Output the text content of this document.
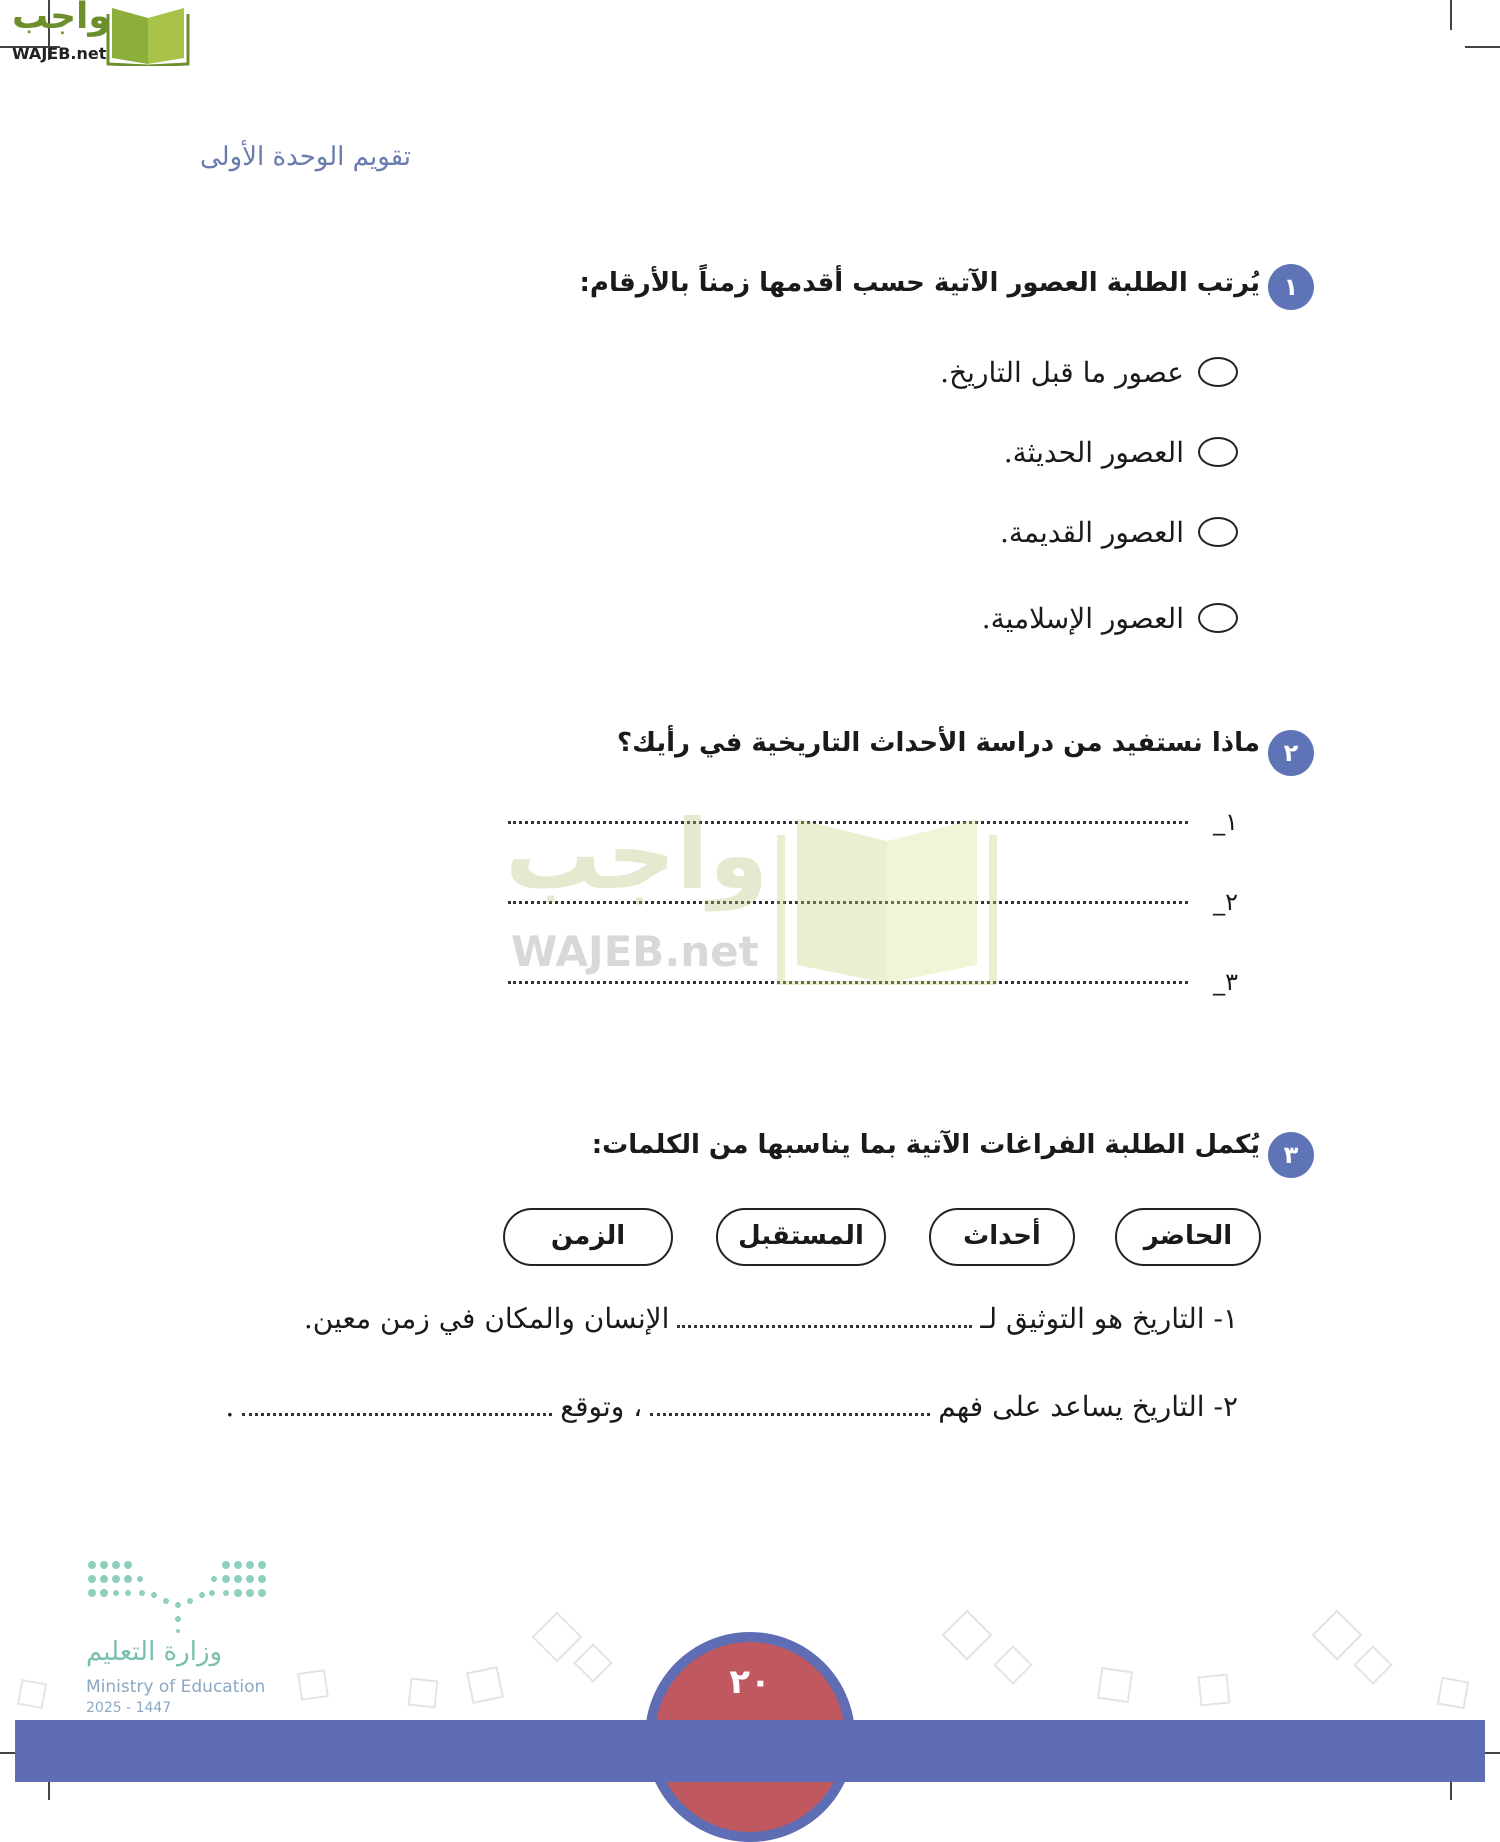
واجب
WAJEB.net
تقويم الوحدة الأولى
١
يُرتب الطلبة العصور الآتية حسب أقدمها زمناً بالأرقام:
عصور ما قبل التاريخ.
العصور الحديثة.
العصور القديمة.
العصور الإسلامية.
٢
ماذا نستفيد من دراسة الأحداث التاريخية في رأيك؟
١_
٢_
٣_
واجب
WAJEB.net
٣
يُكمل الطلبة الفراغات الآتية بما يناسبها من الكلمات:
الحاضر
أحداث
المستقبل
الزمن
١- التاريخ هو التوثيق لـ
الإنسان والمكان في زمن معين.
٢- التاريخ يساعد على فهم
، وتوقع
.
وزارة التعليم
Ministry of Education
2025 - 1447
٢٠
